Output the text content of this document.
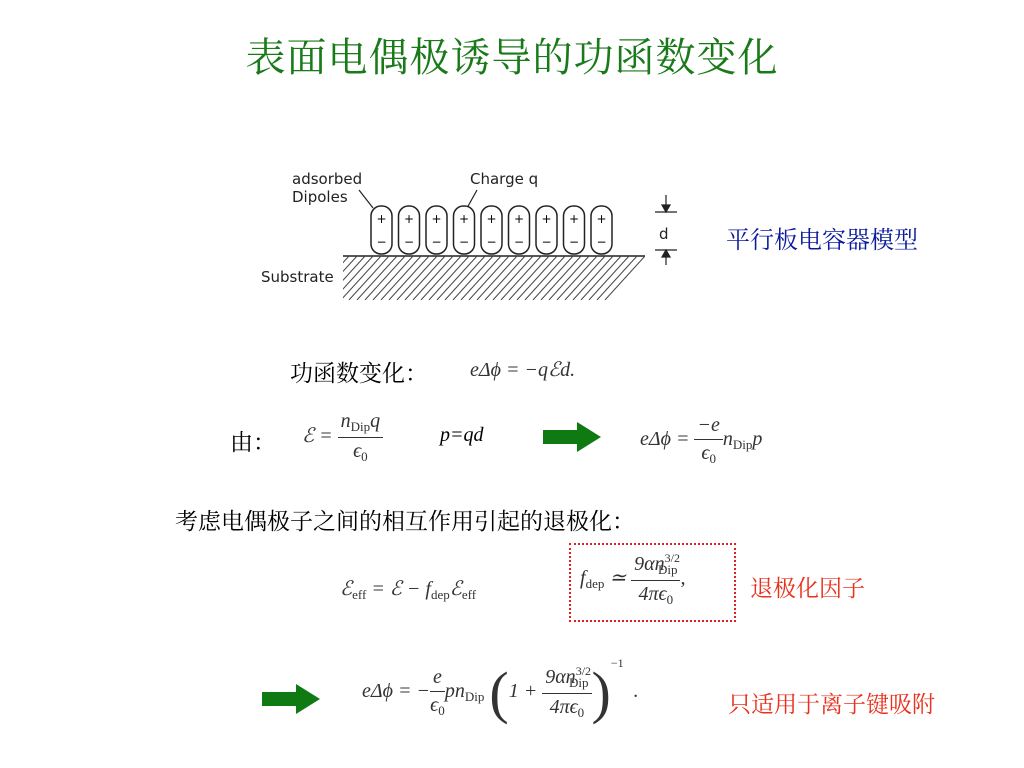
表面电偶极诱导的功函数变化
adsorbed
Dipoles
Charge q
Substrate
d
+
−
+
−
+
−
+
−
+
−
+
−
+
−
+
−
+
−	平行板电容器模型
功函数变化： eΔϕ = −qℰd.
由： ℰ = $\frac{n_{Dip}q}{\epsilon_0}$	p=qd	$e\Delta\phi = \frac{-e}{\epsilon_0} n_{Dip}p$
考虑电偶极子之间的相互作用引起的退极化：
ℰ$_{eff}$ = ℰ − $f_{dep}ℰ_{eff}$
$f_{dep}$ ≃ $\frac{9\alpha n^{3/2}_{Dip}}{4\pi\epsilon_0}$ ,	退极化因子
eΔϕ = − $\frac{e}{\epsilon_0} pn_{Dip}$ $(1 + \frac{9\alpha n^{3/2}_{Dip}}{4\pi\epsilon_0} )^{-1}$  .
只适用于离子键吸附
